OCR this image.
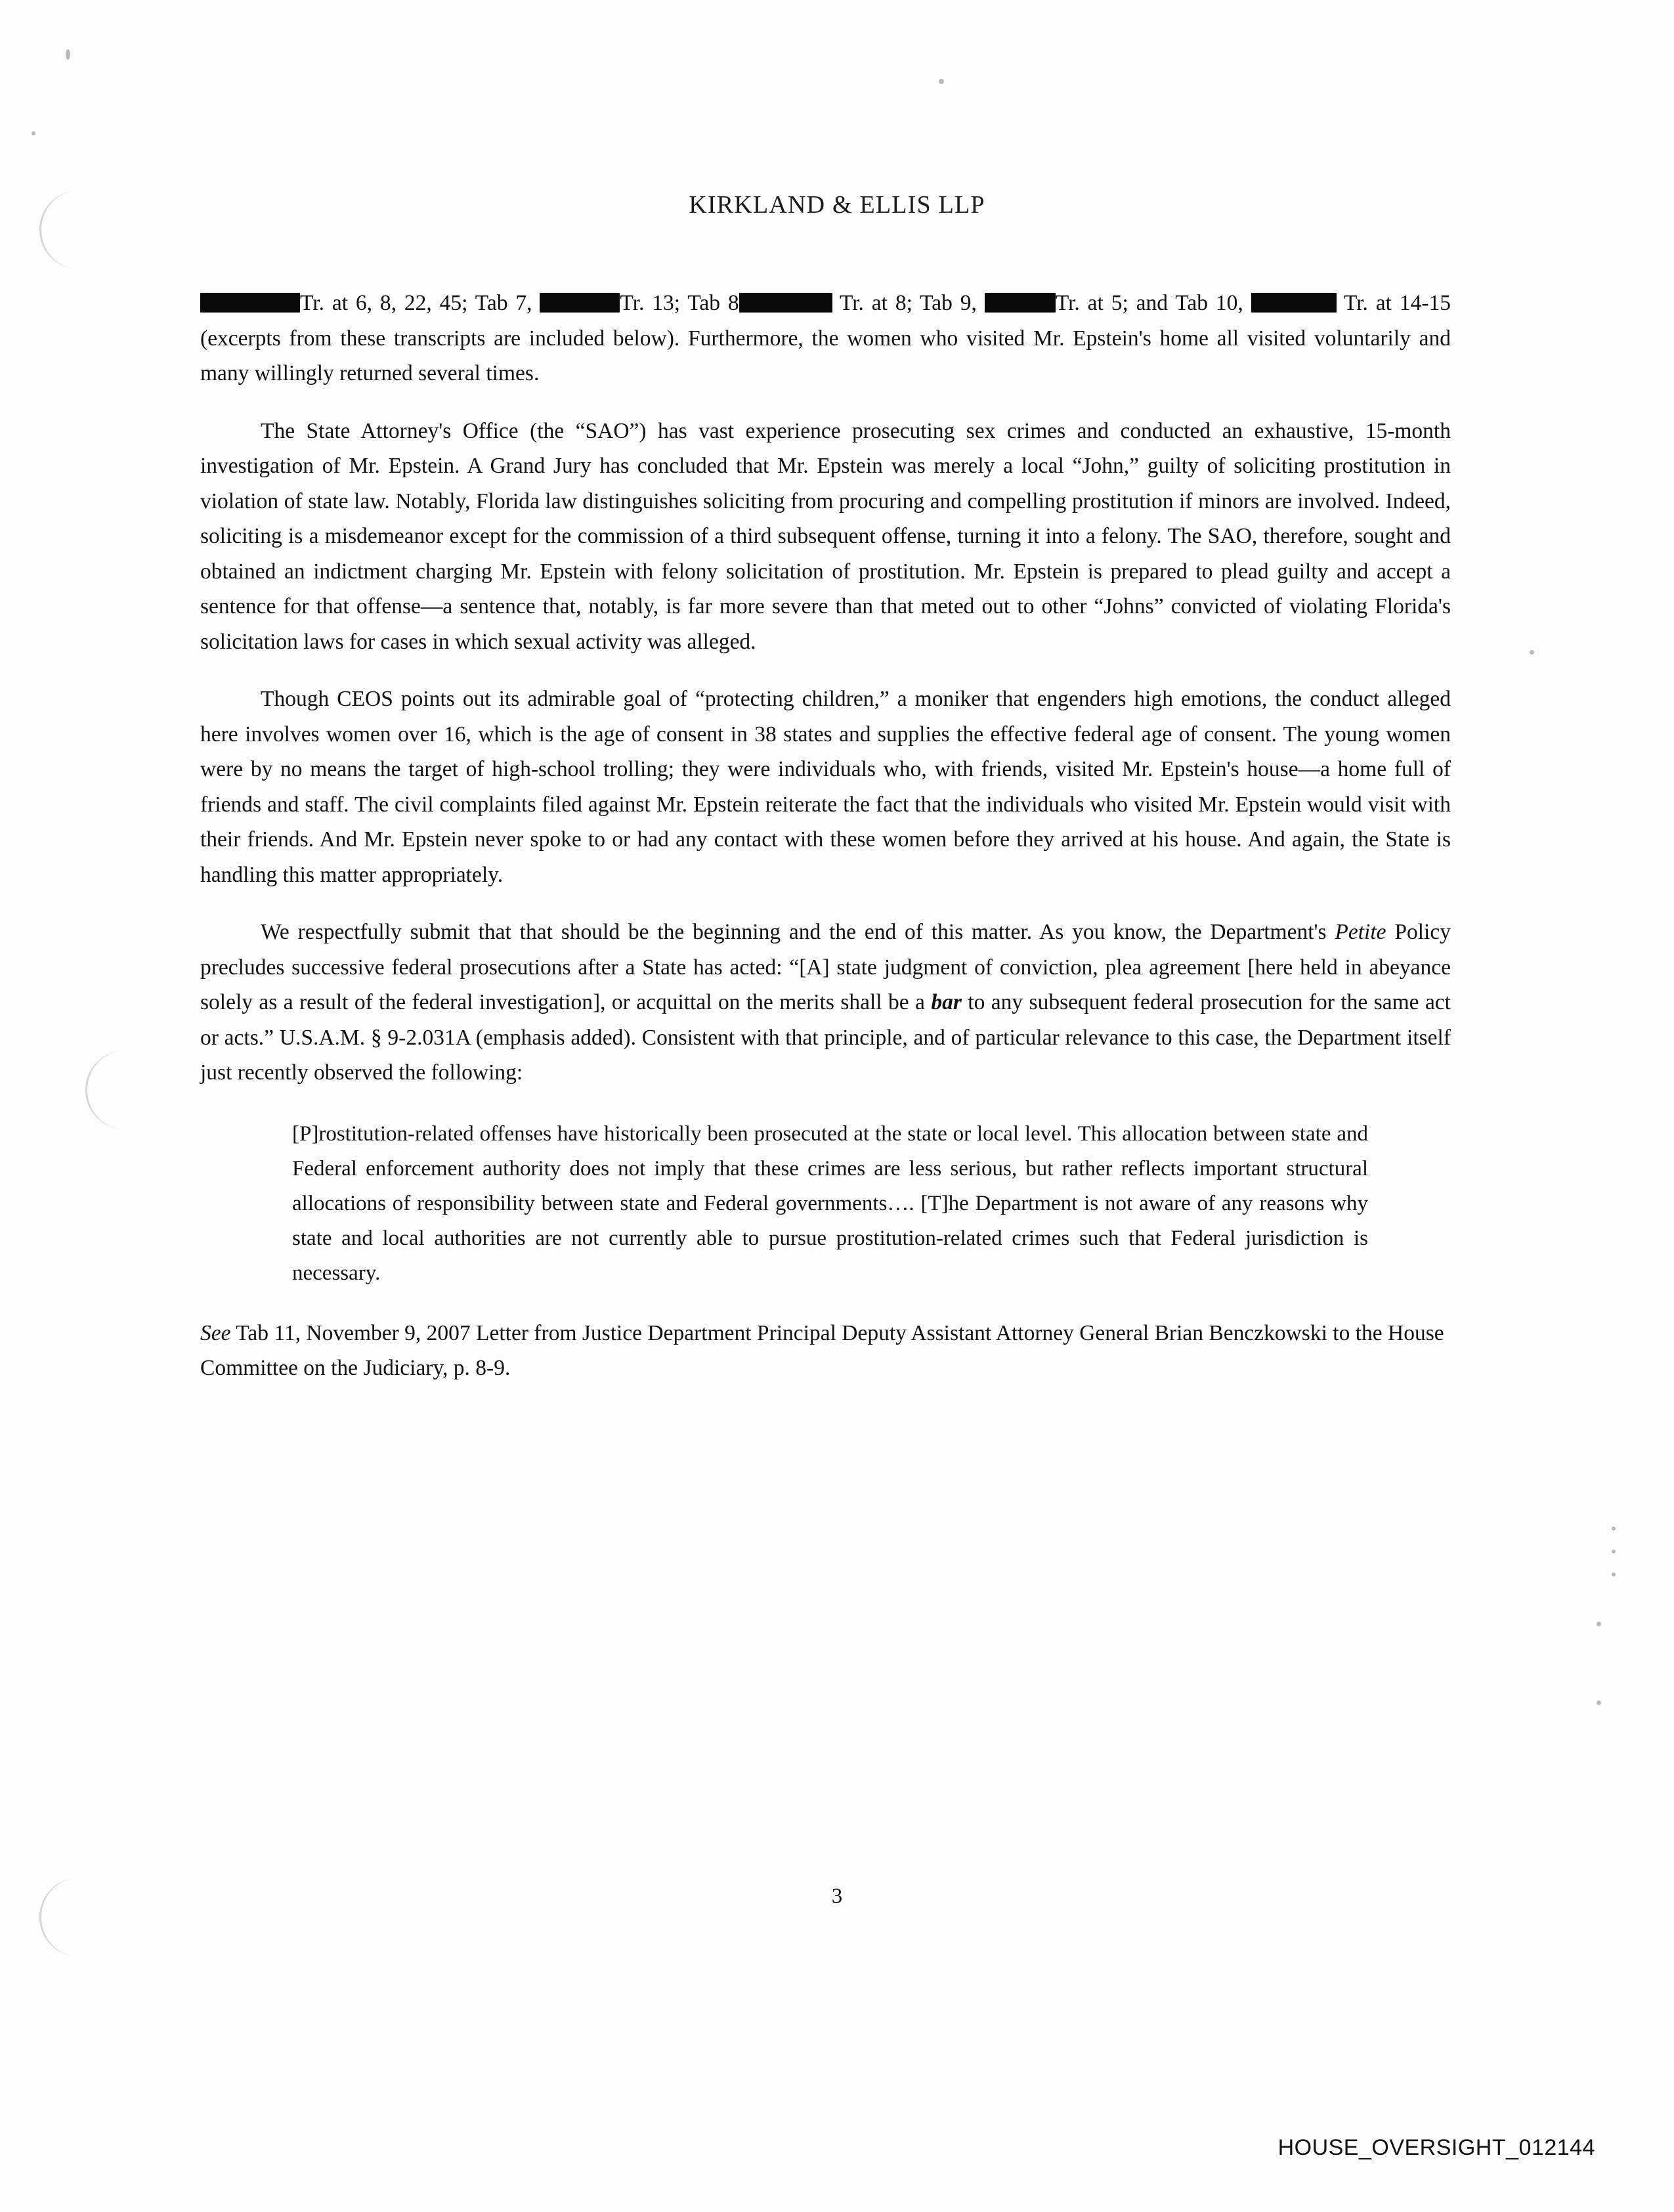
KIRKLAND & ELLIS LLP

Tr. at 6, 8, 22, 45; Tab 7,	Tr. 13; Tab 8	Tr. at 8; Tab 9,	Tr. at 5; and Tab 10,	Tr. at 14-15 (excerpts from these transcripts are included below). Furthermore, the women who visited Mr. Epstein's home all visited voluntarily and many willingly returned several times.

The State Attorney's Office (the “SAO”) has vast experience prosecuting sex crimes and conducted an exhaustive, 15-month investigation of Mr. Epstein. A Grand Jury has concluded that Mr. Epstein was merely a local “John,” guilty of soliciting prostitution in violation of state law. Notably, Florida law distinguishes soliciting from procuring and compelling prostitution if minors are involved. Indeed, soliciting is a misdemeanor except for the commission of a third subsequent offense, turning it into a felony. The SAO, therefore, sought and obtained an indictment charging Mr. Epstein with felony solicitation of prostitution. Mr. Epstein is prepared to plead guilty and accept a sentence for that offense—a sentence that, notably, is far more severe than that meted out to other “Johns” convicted of violating Florida's solicitation laws for cases in which sexual activity was alleged.

Though CEOS points out its admirable goal of “protecting children,” a moniker that engenders high emotions, the conduct alleged here involves women over 16, which is the age of consent in 38 states and supplies the effective federal age of consent. The young women were by no means the target of high-school trolling; they were individuals who, with friends, visited Mr. Epstein's house—a home full of friends and staff. The civil complaints filed against Mr. Epstein reiterate the fact that the individuals who visited Mr. Epstein would visit with their friends. And Mr. Epstein never spoke to or had any contact with these women before they arrived at his house. And again, the State is handling this matter appropriately.

We respectfully submit that that should be the beginning and the end of this matter. As you know, the Department's Petite Policy precludes successive federal prosecutions after a State has acted: “[A] state judgment of conviction, plea agreement [here held in abeyance solely as a result of the federal investigation], or acquittal on the merits shall be a bar to any subsequent federal prosecution for the same act or acts.” U.S.A.M. § 9-2.031A (emphasis added). Consistent with that principle, and of particular relevance to this case, the Department itself just recently observed the following:

[P]rostitution-related offenses have historically been prosecuted at the state or local level. This allocation between state and Federal enforcement authority does not imply that these crimes are less serious, but rather reflects important structural allocations of responsibility between state and Federal governments…. [T]he Department is not aware of any reasons why state and local authorities are not currently able to pursue prostitution-related crimes such that Federal jurisdiction is necessary.
See Tab 11, November 9, 2007 Letter from Justice Department Principal Deputy Assistant Attorney General Brian Benczkowski to the House Committee on the Judiciary, p. 8-9.
3
HOUSE_OVERSIGHT_012144
